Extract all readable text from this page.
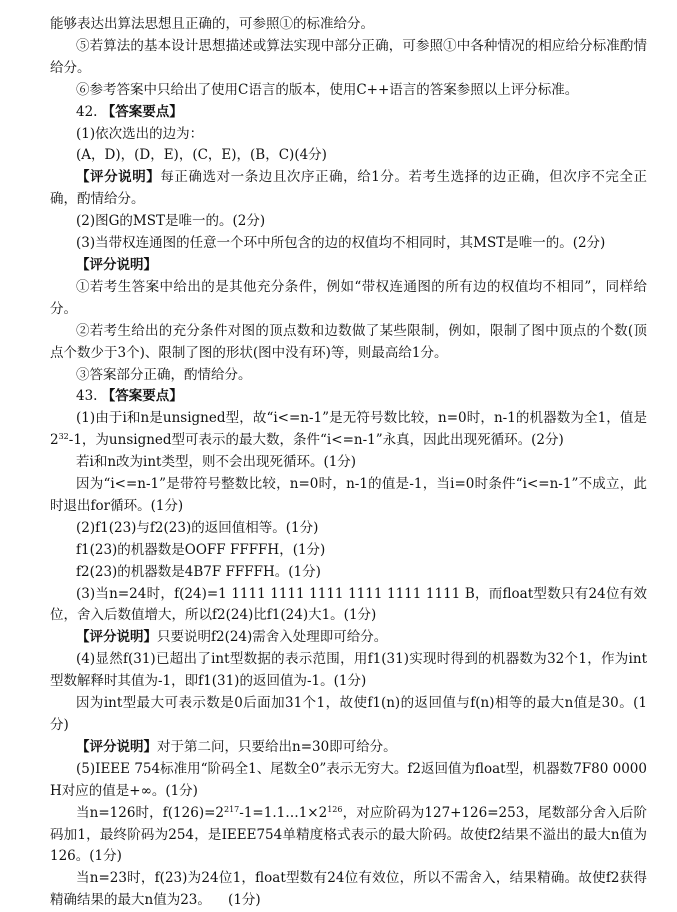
能够表达出算法思想且正确的，可参照①的标准给分。

⑤若算法的基本设计思想描述或算法实现中部分正确，可参照①中各种情况的相应给分标准酌情给分。

⑥参考答案中只给出了使用C语言的版本，使用C++语言的答案参照以上评分标准。

42. 【答案要点】

(1)依次选出的边为：

(A，D)，(D，E)，(C，E)，(B，C)(4分)

【评分说明】每正确选对一条边且次序正确，给1分。若考生选择的边正确，但次序不完全正确，酌情给分。

(2)图G的MST是唯一的。(2分)

(3)当带权连通图的任意一个环中所包含的边的权值均不相同时，其MST是唯一的。(2分)

【评分说明】

①若考生答案中给出的是其他充分条件，例如“带权连通图的所有边的权值均不相同”，同样给分。

②若考生给出的充分条件对图的顶点数和边数做了某些限制，例如，限制了图中顶点的个数(顶点个数少于3个)、限制了图的形状(图中没有环)等，则最高给1分。

③答案部分正确，酌情给分。

43. 【答案要点】

(1)由于i和n是unsigned型，故“i<=n-1”是无符号数比较，n=0时，n-1的机器数为全1，值是$2^{32}-1$，为unsigned型可表示的最大数，条件“i<=n-1”永真，因此出现死循环。(2分)

若i和n改为int类型，则不会出现死循环。(1分)

因为“i<=n-1”是带符号整数比较，n=0时，n-1的值是-1，当i=0时条件“i<=n-1”不成立，此时退出for循环。(1分)

(2)f1(23)与f2(23)的返回值相等。(1分)

f1(23)的机器数是OOFF FFFFH，(1分)

f2(23)的机器数是4B7F FFFFH。(1分)

(3)当n=24时，f(24)=1 1111 1111 1111 1111 1111 1111 B，而float型数只有24位有效位，舍入后数值增大，所以f2(24)比f1(24)大1。(1分)

【评分说明】只要说明f2(24)需舍入处理即可给分。

(4)显然f(31)已超出了int型数据的表示范围，用f1(31)实现时得到的机器数为32个1，作为int型数解释时其值为-1，即f1(31)的返回值为-1。(1分)

因为int型最大可表示数是0后面加31个1，故使f1(n)的返回值与f(n)相等的最大n值是30。(1分)

【评分说明】对于第二问，只要给出n=30即可给分。

(5)IEEE 754标准用“阶码全1、尾数全0”表示无穷大。f2返回值为float型，机器数7F80 0000H对应的值是+∞。(1分)

当n=126时，$f(126)=2^{217}-1=1.1\dots 1\times 2^{126}$，对应阶码为127+126=253，尾数部分舍入后阶码加1，最终阶码为254，是IEEE754单精度格式表示的最大阶码。故使f2结果不溢出的最大n值为126。(1分)

当n=23时，f(23)为24位1，float型数有24位有效位，所以不需舍入，结果精确。故使f2获得精确结果的最大n值为23。 (1分)
